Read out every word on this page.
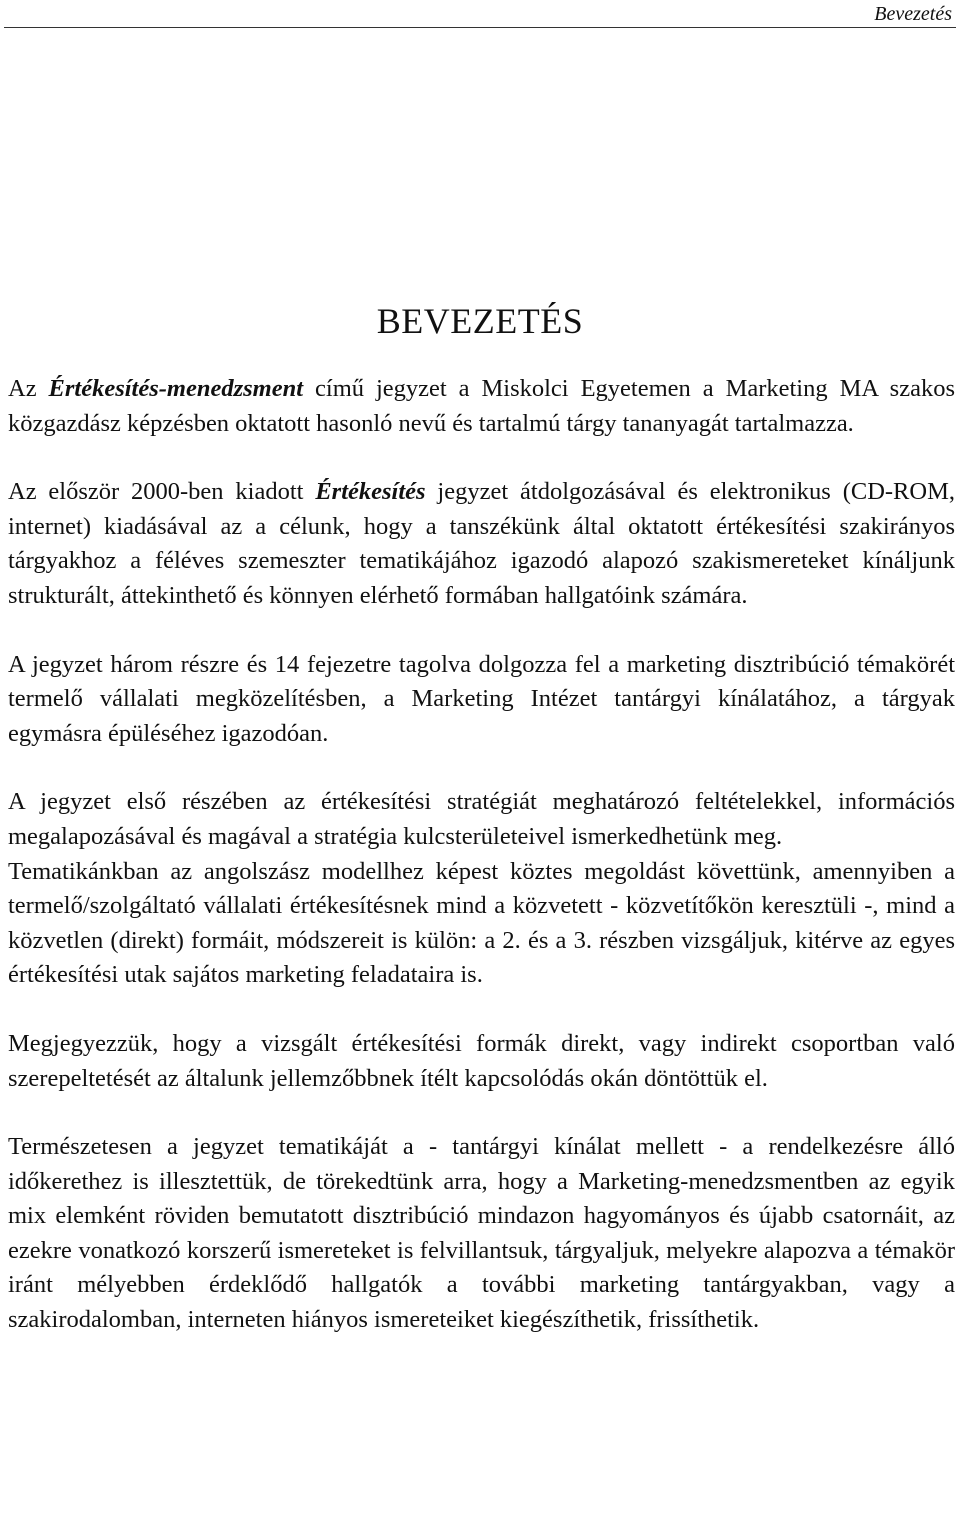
Bevezetés
BEVEZETÉS

Az Értékesítés-menedzsment című jegyzet a Miskolci Egyetemen a Marketing MA szakos közgazdász képzésben oktatott hasonló nevű és tartalmú tárgy tananyagát tartalmazza.

Az először 2000-ben kiadott Értékesítés jegyzet átdolgozásával és elektronikus (CD-ROM, internet) kiadásával az a célunk, hogy a tanszékünk által oktatott értékesítési szakirányos tárgyakhoz a féléves szemeszter tematikájához igazodó alapozó szakismereteket kínáljunk strukturált, áttekinthető és könnyen elérhető formában hallgatóink számára.

A jegyzet három részre és 14 fejezetre tagolva dolgozza fel a marketing disztribúció témakörét termelő vállalati megközelítésben, a Marketing Intézet tantárgyi kínálatához, a tárgyak egymásra épüléséhez igazodóan.

A jegyzet első részében az értékesítési stratégiát meghatározó feltételekkel, információs megalapozásával és magával a stratégia kulcsterületeivel ismerkedhetünk meg.

Tematikánkban az angolszász modellhez képest köztes megoldást követtünk, amennyiben a termelő/szolgáltató vállalati értékesítésnek mind a közvetett - közvetítőkön keresztüli -, mind a közvetlen (direkt) formáit, módszereit is külön: a 2. és a 3. részben vizsgáljuk, kitérve az egyes értékesítési utak sajátos marketing feladataira is.

Megjegyezzük, hogy a vizsgált értékesítési formák direkt, vagy indirekt csoportban való szerepeltetését az általunk jellemzőbbnek ítélt kapcsolódás okán döntöttük el.

Természetesen a jegyzet tematikáját a - tantárgyi kínálat mellett - a rendelkezésre álló időkerethez is illesztettük, de törekedtünk arra, hogy a Marketing-menedzsmentben az egyik mix elemként röviden bemutatott disztribúció mindazon hagyományos és újabb csatornáit, az ezekre vonatkozó korszerű ismereteket is felvillantsuk, tárgyaljuk, melyekre alapozva a témakör iránt mélyebben érdeklődő hallgatók a további marketing tantárgyakban, vagy a szakirodalomban, interneten hiányos ismereteiket kiegészíthetik, frissíthetik.
